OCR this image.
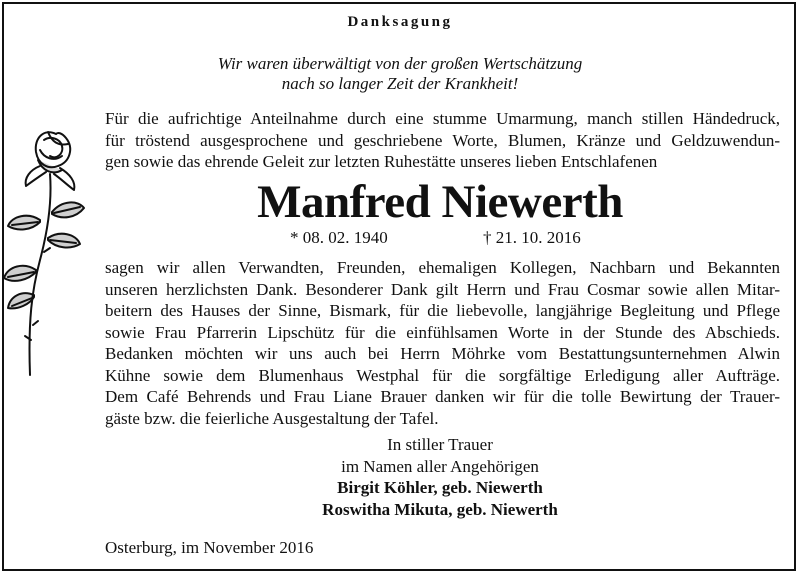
Danksagung
Wir waren überwältigt von der großen Wertschätzung
nach so langer Zeit der Krankheit!
Für die aufrichtige Anteilnahme durch eine stumme Umarmung, manch stillen Händedruck,
für tröstend ausgesprochene und geschriebene Worte, Blumen, Kränze und Geldzuwendun-
gen sowie das ehrende Geleit zur letzten Ruhestätte unseres lieben Entschlafenen
Manfred Niewerth
* 08. 02. 1940	† 21. 10. 2016
sagen wir allen Verwandten, Freunden, ehemaligen Kollegen, Nachbarn und Bekannten
unseren herzlichsten Dank. Besonderer Dank gilt Herrn und Frau Cosmar sowie allen Mitar-
beitern des Hauses der Sinne, Bismark, für die liebevolle, langjährige Begleitung und Pflege
sowie Frau Pfarrerin Lipschütz für die einfühlsamen Worte in der Stunde des Abschieds.
Bedanken möchten wir uns auch bei Herrn Möhrke vom Bestattungsunternehmen Alwin
Kühne sowie dem Blumenhaus Westphal für die sorgfältige Erledigung aller Aufträge.
Dem Café Behrends und Frau Liane Brauer danken wir für die tolle Bewirtung der Trauer-
gäste bzw. die feierliche Ausgestaltung der Tafel.
In stiller Trauer
im Namen aller Angehörigen
Birgit Köhler, geb. Niewerth
Roswitha Mikuta, geb. Niewerth
Osterburg, im November 2016
